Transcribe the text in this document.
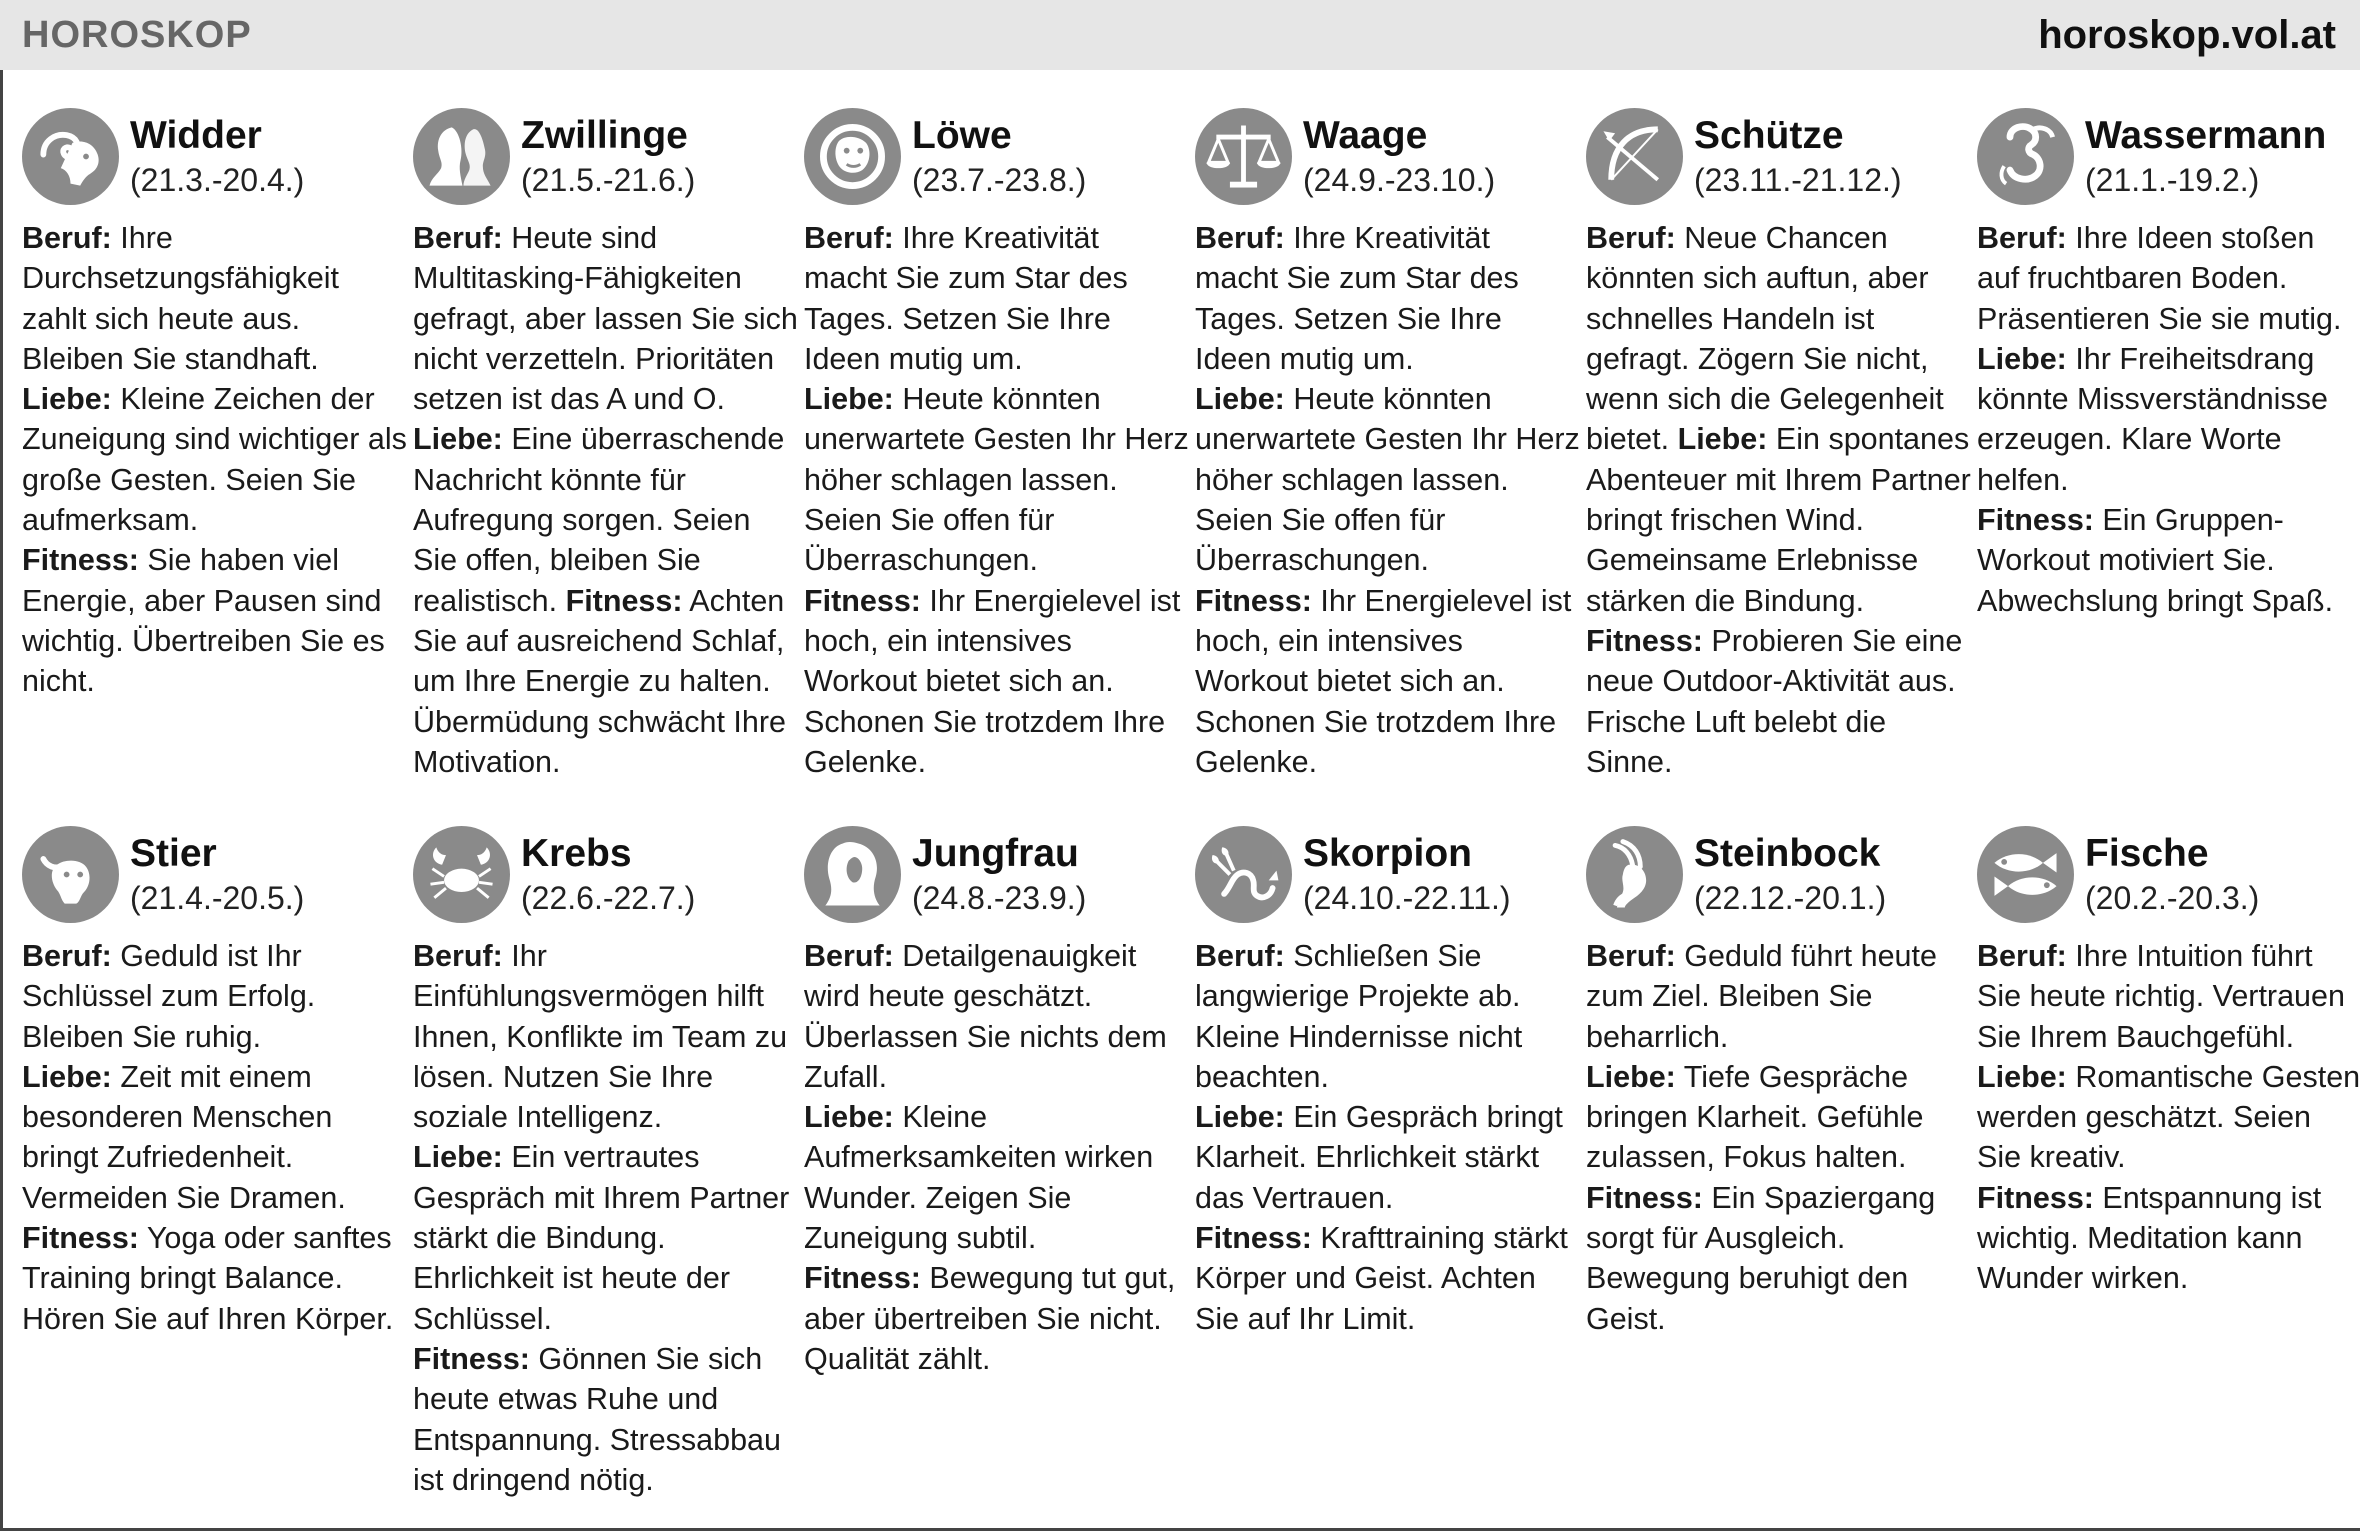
HOROSKOP	horoskop.vol.at
Widder
(21.3.-20.4.)
Beruf: Ihre Durchsetzungsfähigkeit zahlt sich heute aus. Bleiben Sie standhaft.
Liebe: Kleine Zeichen der Zuneigung sind wichtiger als große Gesten. Seien Sie aufmerksam.
Fitness: Sie haben viel Energie, aber Pausen sind wichtig. Übertreiben Sie es nicht.
Zwillinge
(21.5.-21.6.)
Beruf: Heute sind Multitasking-Fähigkeiten gefragt, aber lassen Sie sich nicht verzetteln. Prioritäten setzen ist das A und O. Liebe: Eine überraschende Nachricht könnte für Aufregung sorgen. Seien Sie offen, bleiben Sie realistisch. Fitness: Achten Sie auf ausreichend Schlaf, um Ihre Energie zu halten. Übermüdung schwächt Ihre Motivation.
Löwe
(23.7.-23.8.)
Beruf: Ihre Kreativität macht Sie zum Star des Tages. Setzen Sie Ihre Ideen mutig um.
Liebe: Heute könnten unerwartete Gesten Ihr Herz höher schlagen lassen. Seien Sie offen für Überraschungen.
Fitness: Ihr Energielevel ist hoch, ein intensives Workout bietet sich an. Schonen Sie trotzdem Ihre Gelenke.
Waage
(24.9.-23.10.)
Beruf: Ihre Kreativität macht Sie zum Star des Tages. Setzen Sie Ihre Ideen mutig um.
Liebe: Heute könnten unerwartete Gesten Ihr Herz höher schlagen lassen. Seien Sie offen für Überraschungen.
Fitness: Ihr Energielevel ist hoch, ein intensives Workout bietet sich an. Schonen Sie trotzdem Ihre Gelenke.
Schütze
(23.11.-21.12.)
Beruf: Neue Chancen könnten sich auftun, aber schnelles Handeln ist gefragt. Zögern Sie nicht, wenn sich die Gelegenheit bietet. Liebe: Ein spontanes Abenteuer mit Ihrem Partner bringt frischen Wind. Gemeinsame Erlebnisse stärken die Bindung. Fitness: Probieren Sie eine neue Outdoor-Aktivität aus. Frische Luft belebt die Sinne.
Wassermann
(21.1.-19.2.)
Beruf: Ihre Ideen stoßen auf fruchtbaren Boden. Präsentieren Sie sie mutig.
Liebe: Ihr Freiheitsdrang könnte Missverständnisse erzeugen. Klare Worte helfen.
Fitness: Ein Gruppen-Workout motiviert Sie. Abwechslung bringt Spaß.
Stier
(21.4.-20.5.)
Beruf: Geduld ist Ihr Schlüssel zum Erfolg. Bleiben Sie ruhig.
Liebe: Zeit mit einem besonderen Menschen bringt Zufriedenheit. Vermeiden Sie Dramen.
Fitness: Yoga oder sanftes Training bringt Balance. Hören Sie auf Ihren Körper.
Krebs
(22.6.-22.7.)
Beruf: Ihr Einfühlungsvermögen hilft Ihnen, Konflikte im Team zu lösen. Nutzen Sie Ihre soziale Intelligenz.
Liebe: Ein vertrautes Gespräch mit Ihrem Partner stärkt die Bindung. Ehrlichkeit ist heute der Schlüssel.
Fitness: Gönnen Sie sich heute etwas Ruhe und Entspannung. Stressabbau ist dringend nötig.
Jungfrau
(24.8.-23.9.)
Beruf: Detailgenauigkeit wird heute geschätzt. Überlassen Sie nichts dem Zufall.
Liebe: Kleine Aufmerksamkeiten wirken Wunder. Zeigen Sie Zuneigung subtil.
Fitness: Bewegung tut gut, aber übertreiben Sie nicht. Qualität zählt.
Skorpion
(24.10.-22.11.)
Beruf: Schließen Sie langwierige Projekte ab. Kleine Hindernisse nicht beachten.
Liebe: Ein Gespräch bringt Klarheit. Ehrlichkeit stärkt das Vertrauen.
Fitness: Krafttraining stärkt Körper und Geist. Achten Sie auf Ihr Limit.
Steinbock
(22.12.-20.1.)
Beruf: Geduld führt heute zum Ziel. Bleiben Sie beharrlich.
Liebe: Tiefe Gespräche bringen Klarheit. Gefühle zulassen, Fokus halten.
Fitness: Ein Spaziergang sorgt für Ausgleich. Bewegung beruhigt den Geist.
Fische
(20.2.-20.3.)
Beruf: Ihre Intuition führt Sie heute richtig. Vertrauen Sie Ihrem Bauchgefühl.
Liebe: Romantische Gesten werden geschätzt. Seien Sie kreativ.
Fitness: Entspannung ist wichtig. Meditation kann Wunder wirken.
